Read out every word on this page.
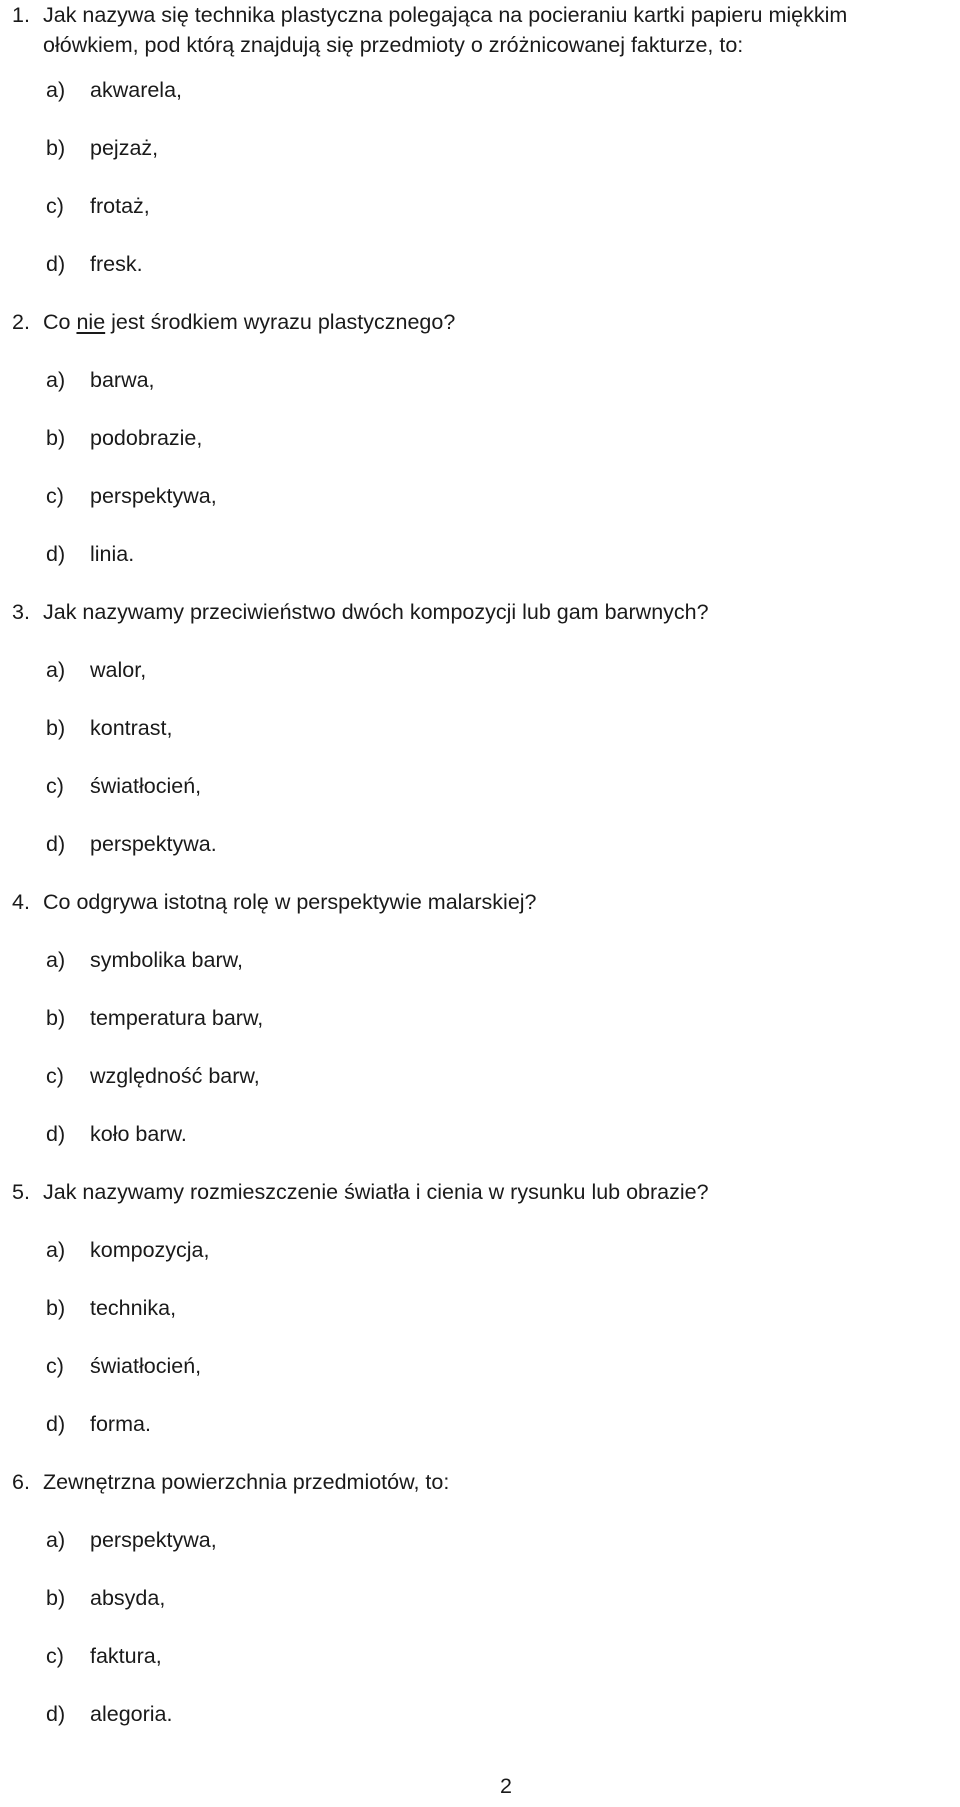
1. Jak nazywa się technika plastyczna polegająca na pocieraniu kartki papieru miękkim
ołówkiem, pod którą znajdują się przedmioty o zróżnicowanej fakturze, to:
a)	akwarela,
b)	pejzaż,
c)	frotaż,
d)	fresk.
2. Co nie jest środkiem wyrazu plastycznego?
a)	barwa,
b)	podobrazie,
c)	perspektywa,
d)	linia.
3. Jak nazywamy przeciwieństwo dwóch kompozycji lub gam barwnych?
a)	walor,
b)	kontrast,
c)	światłocień,
d)	perspektywa.
4. Co odgrywa istotną rolę w perspektywie malarskiej?
a)	symbolika barw,
b)	temperatura barw,
c)	względność barw,
d)	koło barw.
5. Jak nazywamy rozmieszczenie światła i cienia w rysunku lub obrazie?
a)	kompozycja,
b)	technika,
c)	światłocień,
d)	forma.
6. Zewnętrzna powierzchnia przedmiotów, to:
a)	perspektywa,
b)	absyda,
c)	faktura,
d)	alegoria.
2
